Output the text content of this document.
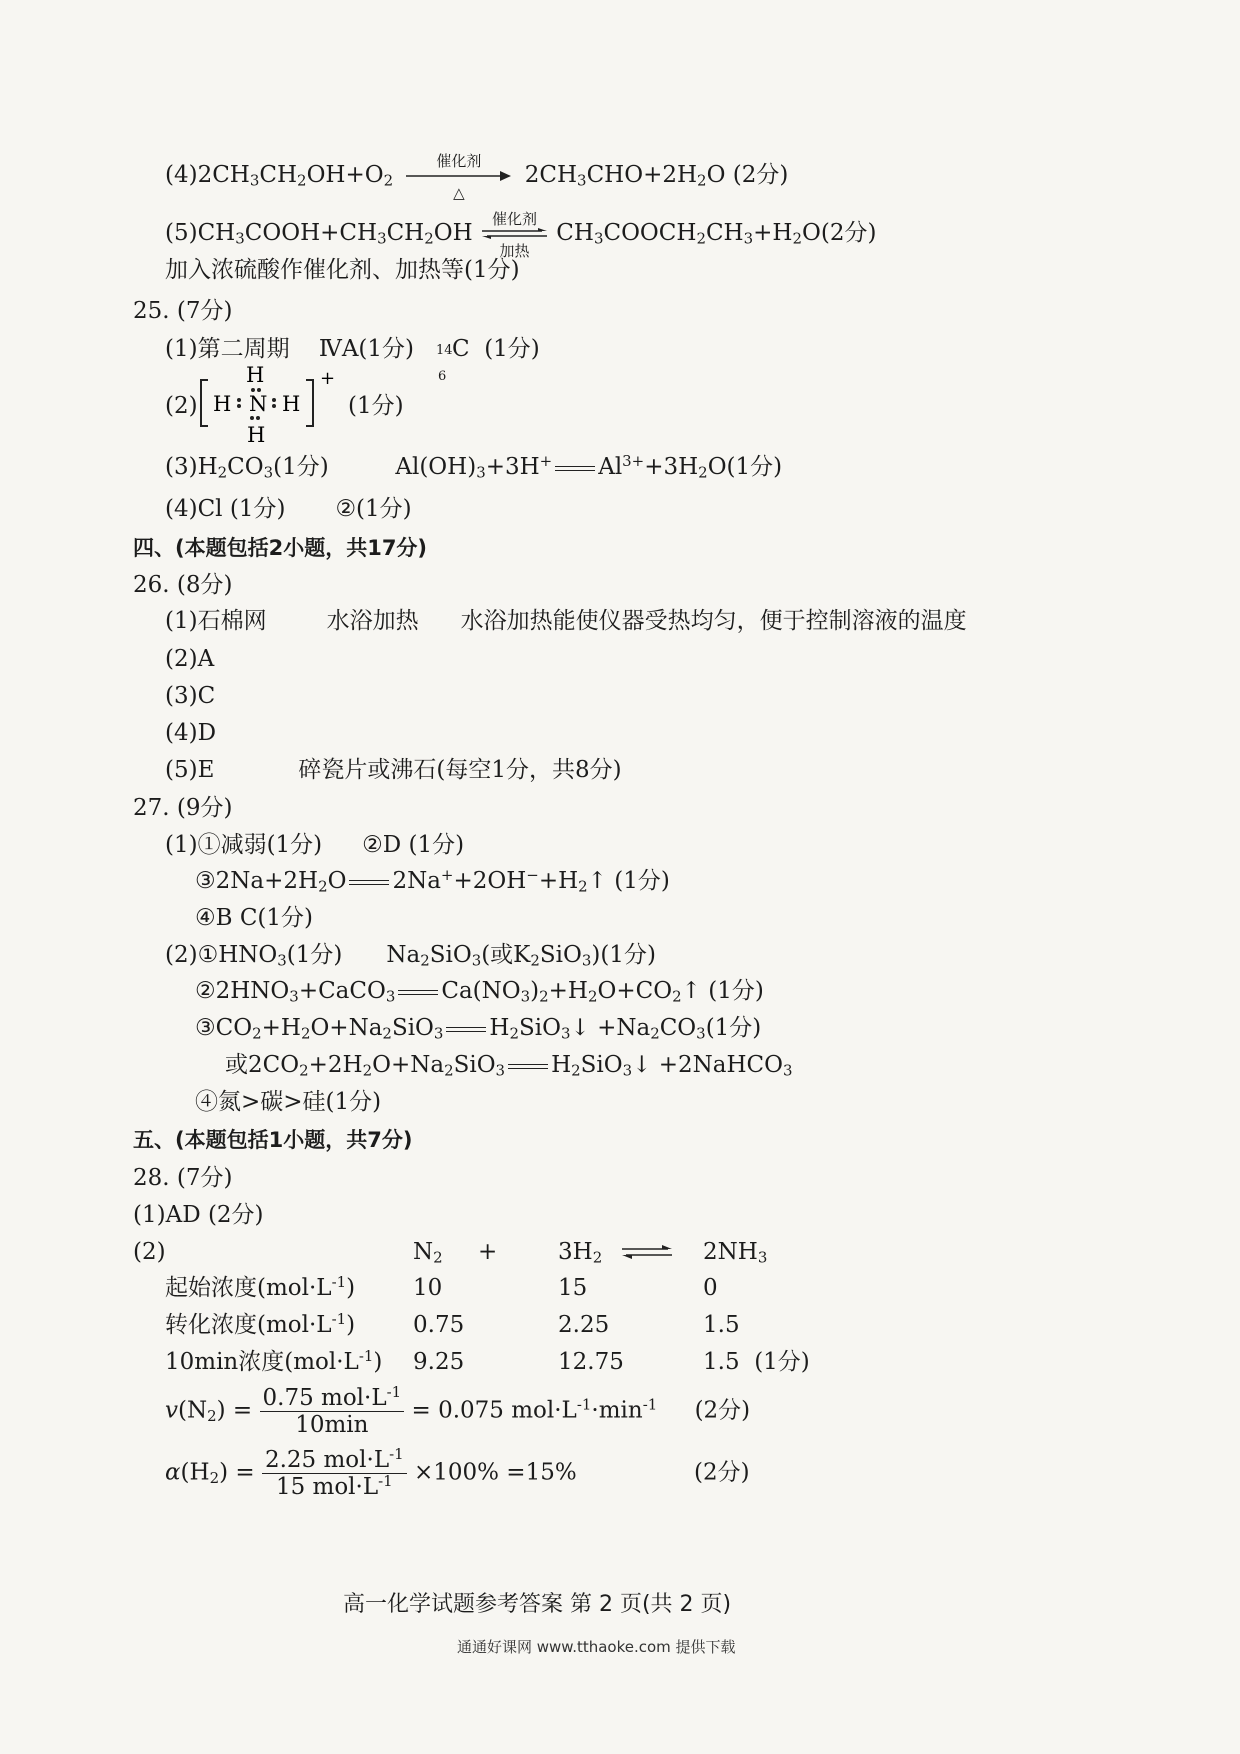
$(4)2CH_3CH_2OH+O_2$
催化剂
△
$2CH_3CHO+2H_2O$ (2分)
$(5)CH_3COOH+CH_3CH_2OH$
催化剂
加热
$CH_3COOCH_2CH_3+H_2O(2$分)
加入浓硫酸作催化剂、加热等(1分)
25. (7分)
(1)第二周期 ⅣA(1分) 14
6
C (1分)
(2)
+
H
H N H
H
(1分)
$(3)H_2CO_3(1$分)	$Al(OH)_3+3H^+$ $Al^{3+}+3H_2O(1$分)
(4)Cl (1分) ②(1分)
四、(本题包括2小题，共17分)
26. (8分)
(1)石棉网	水浴加热 水浴加热能使仪器受热均匀，便于控制溶液的温度
(2)A
(3)C
(4)D
(5)E	碎瓷片或沸石(每空1分，共8分)
27. (9分)
(1)①减弱(1分) ②D (1分)
$③2Na+2H_2O$ $2Na^++2OH^-+H_2↑$ (1分)
④B C(1分)
$(2)①HNO_3(1$分) $Na_2SiO_3$(或$K_2SiO_3)(1$分)
$②2HNO_3+CaCO_3$ $Ca(NO_3)_2+H_2O+CO_2↑$ (1分)
$③CO_2+H_2O+Na_2SiO_3$ $H_2SiO_3↓ +Na_2CO_3(1$分)
或$2CO_2+2H_2O+Na_2SiO_3$ $H_2SiO_3↓$ +2NaHCO$_3$
④氮>碳>硅(1分)
五、(本题包括1小题，共7分)
28. (7分)
(1)AD (2分)
(2)	$N_2$ +	$3H_2$	$2NH_3$
起始浓度$(mol\cdot L^{-1})$	10	15	0
转化浓度$(mol\cdot L^{-1})$	0.75	2.25	1.5
10min浓度$(mol\cdot L^{-1})$ 9.25	12.75	1.5 (1分)
$v(N_2) = \frac{0.75 mol\cdot L^{-1}}{10\min} = 0.075$ $mol\cdot L^{-1}\cdot\min^{-1}$ (2分)
$\alpha(H_2) = \frac{2.25 mol\cdot L^{-1}}{15 mol\cdot L^{-1}} \times 100\% =15\%$	(2分)
高一化学试题参考答案 第 2 页(共 2 页)
通通好课网 www.tthaoke.com 提供下载
